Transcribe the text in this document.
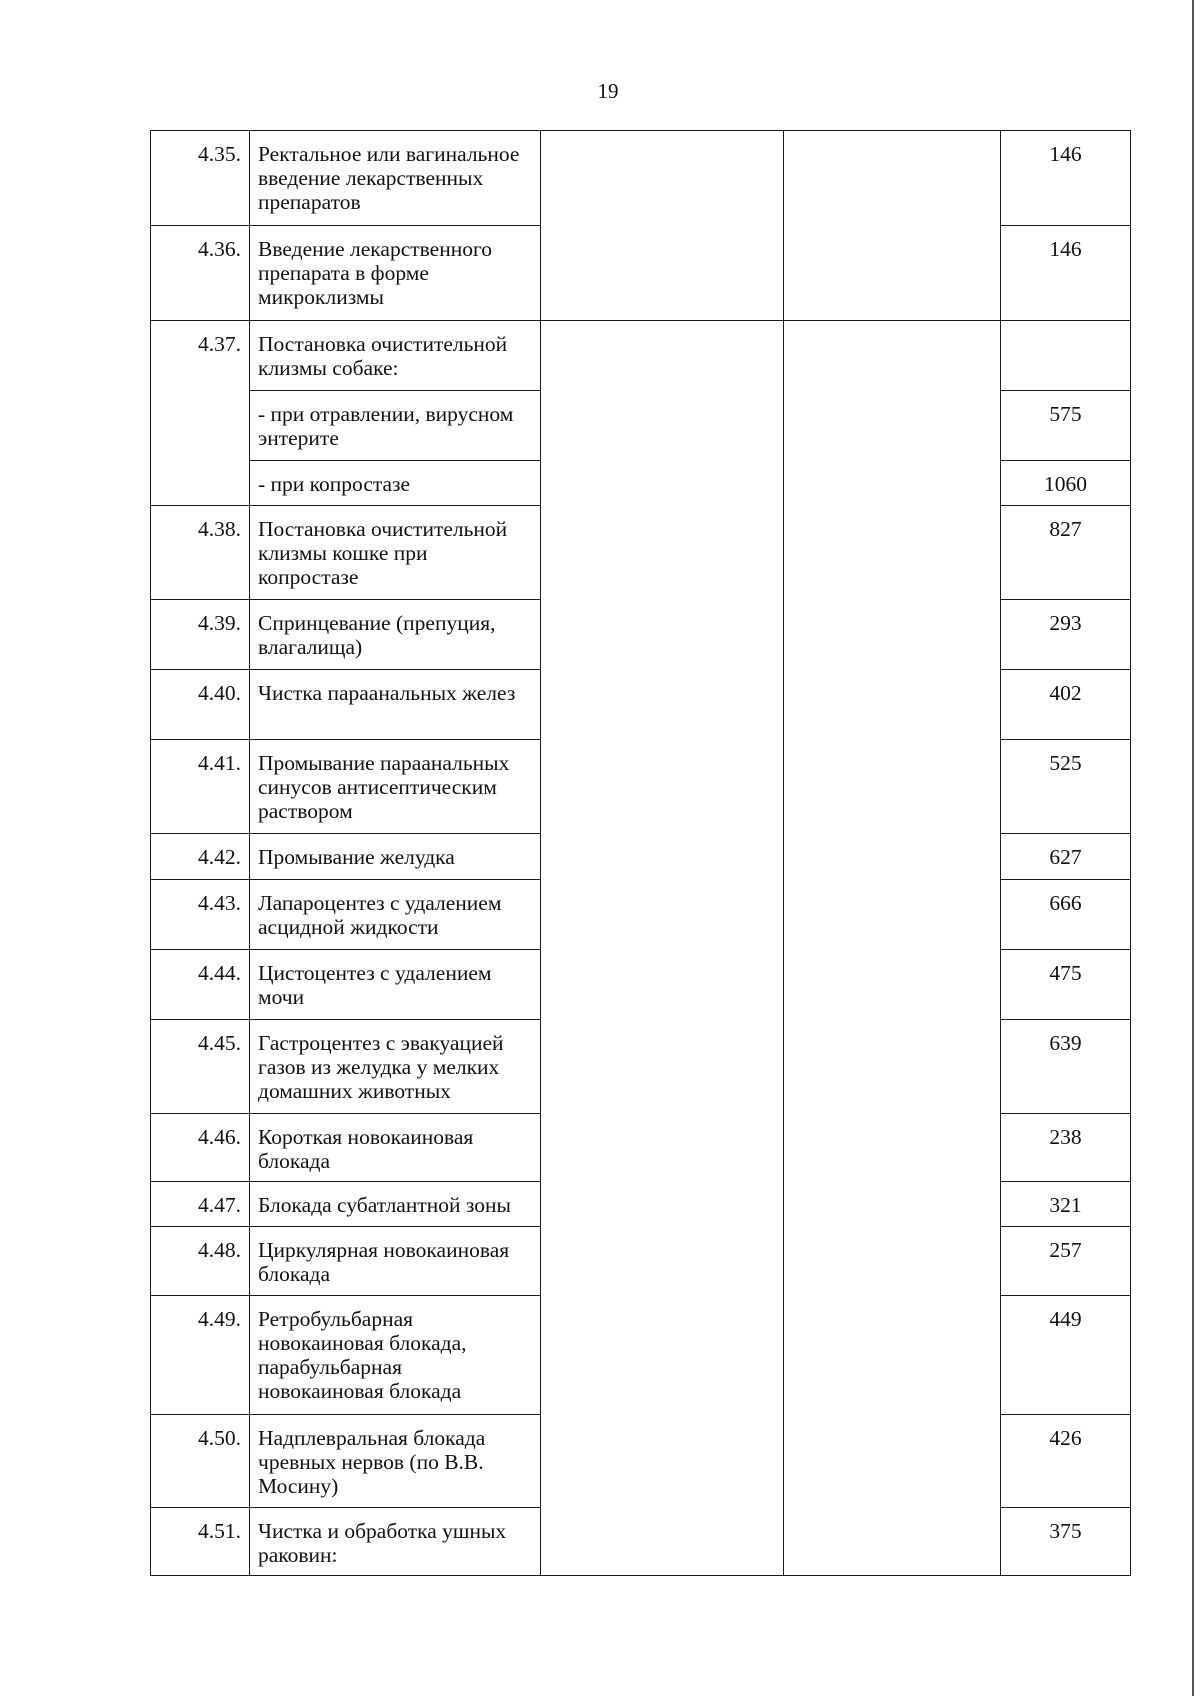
19
4.35.	Ректальное или вагинальное введение лекарственных препаратов			146
4.36.	Введение лекарственного препарата в форме микроклизмы			146
4.37.	Постановка очистительной клизмы собаке:			
	- при отравлении, вирусном энтерите			575
	- при копростазе			1060
4.38.	Постановка очистительной клизмы кошке при копростазе			827
4.39.	Спринцевание (препуция, влагалища)			293
4.40.	Чистка параанальных желез			402
4.41.	Промывание параанальных синусов антисептическим раствором			525
4.42.	Промывание желудка			627
4.43.	Лапароцентез с удалением асцидной жидкости			666
4.44.	Цистоцентез с удалением мочи			475
4.45.	Гастроцентез с эвакуацией газов из желудка у мелких домашних животных			639
4.46.	Короткая новокаиновая блокада			238
4.47.	Блокада субатлантной зоны			321
4.48.	Циркулярная новокаиновая блокада			257
4.49.	Ретробульбарная новокаиновая блокада, парабульбарная новокаиновая блокада			449
4.50.	Надплевральная блокада чревных нервов (по В.В. Мосину)			426
4.51.	Чистка и обработка ушных раковин:			375
